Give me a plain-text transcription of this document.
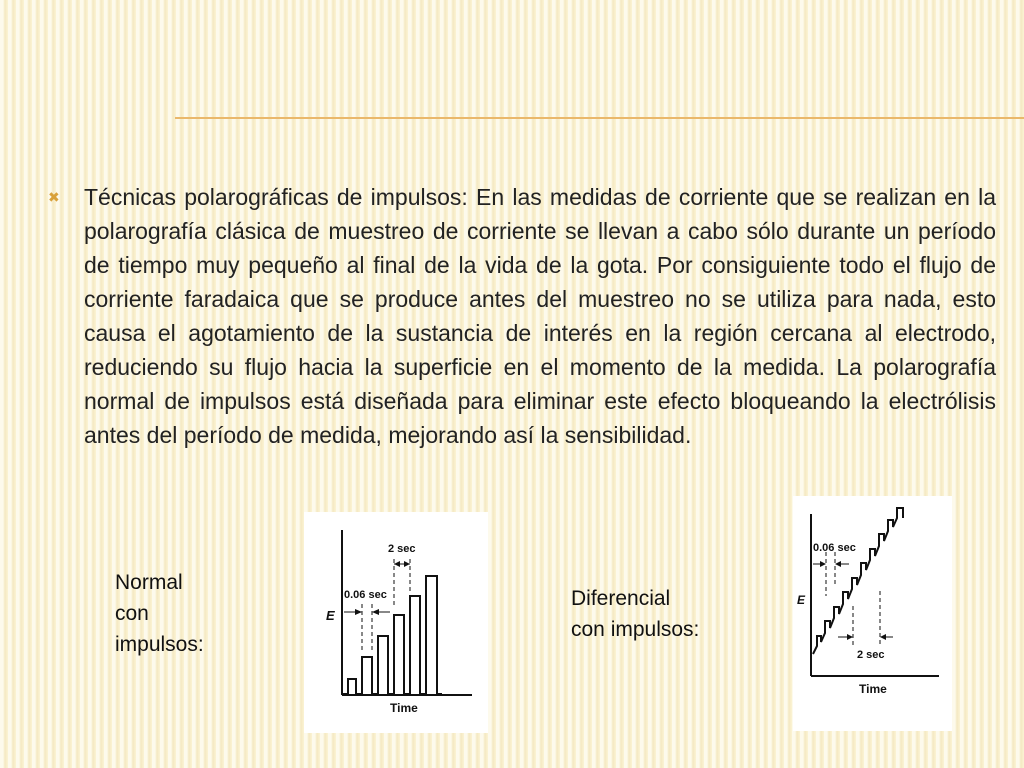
✖ Técnicas polarográficas de impulsos: En las medidas de corriente que se realizan en la polarografía clásica de muestreo de corriente se llevan a cabo sólo durante un período de tiempo muy pequeño al final de la vida de la gota. Por consiguiente todo el flujo de corriente faradaica que se produce antes del muestreo no se utiliza para nada, esto causa el agotamiento de la sustancia de interés en la región cercana al electrodo, reduciendo su flujo hacia la superficie en el momento de la medida. La polarografía normal de impulsos está diseñada para eliminar este efecto bloqueando la electrólisis antes del período de medida, mejorando así la sensibilidad.
Normal
con
impulsos:
Diferencial
con impulsos:
2 sec
0.06 sec
E
Time
0.06 sec
2 sec
E
Time
